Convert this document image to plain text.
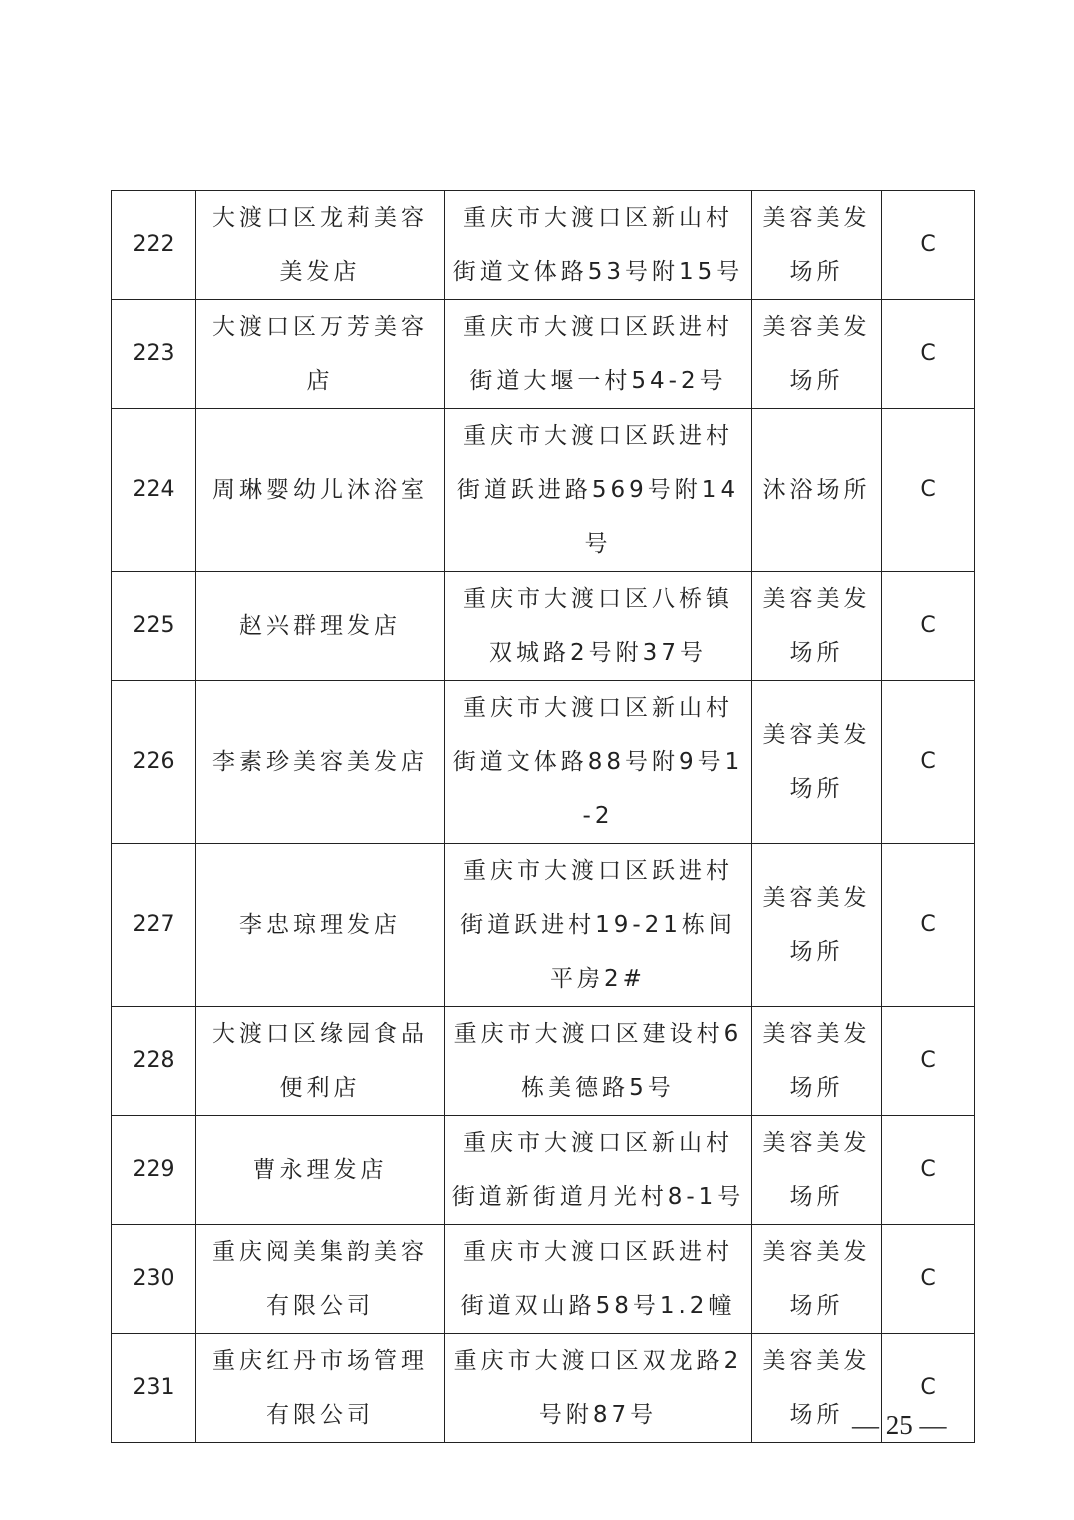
222	大渡口区龙莉美容美发店	重庆市大渡口区新山村街道文体路53号附15号	美容美发场所	C
223	大渡口区万芳美容店	重庆市大渡口区跃进村街道大堰一村54-2号	美容美发场所	C
224	周琳婴幼儿沐浴室	重庆市大渡口区跃进村街道跃进路569号附14号	沐浴场所	C
225	赵兴群理发店	重庆市大渡口区八桥镇双城路2号附37号	美容美发场所	C
226	李素珍美容美发店	重庆市大渡口区新山村街道文体路88号附9号1-2	美容美发场所	C
227	李忠琼理发店	重庆市大渡口区跃进村街道跃进村19-21栋间平房2#	美容美发场所	C
228	大渡口区缘园食品便利店	重庆市大渡口区建设村6栋美德路5号	美容美发场所	C
229	曹永理发店	重庆市大渡口区新山村街道新街道月光村8-1号	美容美发场所	C
230	重庆阅美集韵美容有限公司	重庆市大渡口区跃进村街道双山路58号1.2幢	美容美发场所	C
231	重庆红丹市场管理有限公司	重庆市大渡口区双龙路2号附87号	美容美发场所	C
— 25 —
